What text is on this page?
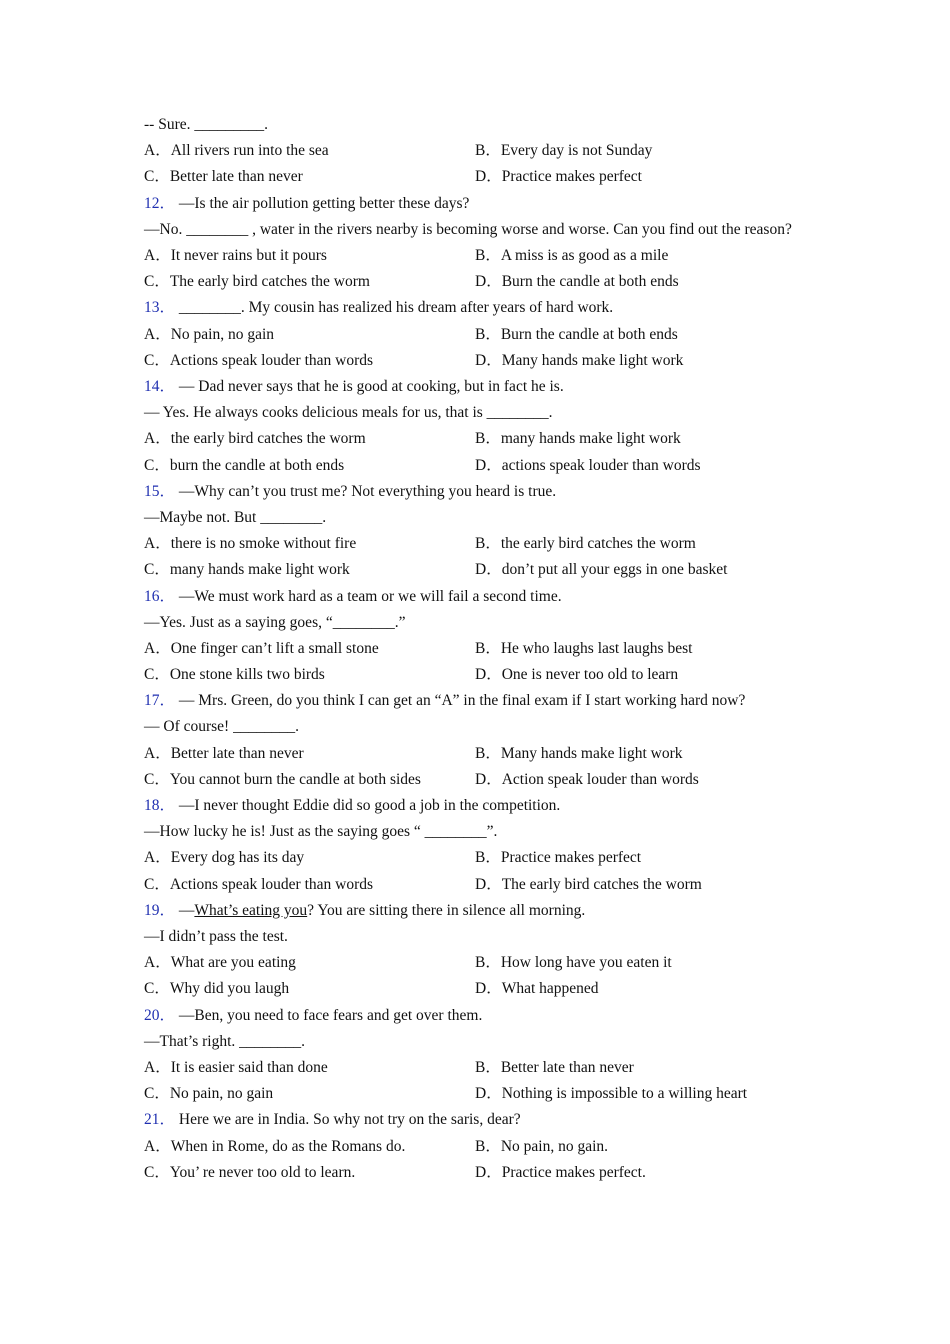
-- Sure. _________.
A．All rivers run into the sea	B．Every day is not Sunday
C．Better late than never	D．Practice makes perfect
12． —Is the air pollution getting better these days?
—No. ________ , water in the rivers nearby is becoming worse and worse. Can you find out the reason?
A．It never rains but it pours	B．A miss is as good as a mile
C．The early bird catches the worm	D．Burn the candle at both ends
13． ________. My cousin has realized his dream after years of hard work.
A．No pain, no gain	B．Burn the candle at both ends
C．Actions speak louder than words	D．Many hands make light work
14． — Dad never says that he is good at cooking, but in fact he is.
— Yes. He always cooks delicious meals for us, that is ________.
A．the early bird catches the worm	B．many hands make light work
C．burn the candle at both ends	D．actions speak louder than words
15． —Why can’t you trust me? Not everything you heard is true.
—Maybe not. But ________.
A．there is no smoke without fire	B．the early bird catches the worm
C．many hands make light work	D．don’t put all your eggs in one basket
16． —We must work hard as a team or we will fail a second time.
—Yes. Just as a saying goes, “________.”
A．One finger can’t lift a small stone	B．He who laughs last laughs best
C．One stone kills two birds	D．One is never too old to learn
17． — Mrs. Green, do you think I can get an “A” in the final exam if I start working hard now?
— Of course! ________.
A．Better late than never	B．Many hands make light work
C．You cannot burn the candle at both sides	D．Action speak louder than words
18． —I never thought Eddie did so good a job in the competition.
—How lucky he is! Just as the saying goes “ ________”.
A．Every dog has its day	B．Practice makes perfect
C．Actions speak louder than words	D．The early bird catches the worm
19． —What’s eating you? You are sitting there in silence all morning.
—I didn’t pass the test.
A．What are you eating	B．How long have you eaten it
C．Why did you laugh	D．What happened
20． —Ben, you need to face fears and get over them.
—That’s right. ________.
A．It is easier said than done	B．Better late than never
C．No pain, no gain	D．Nothing is impossible to a willing heart
21． Here we are in India. So why not try on the saris, dear?
A．When in Rome, do as the Romans do.	B．No pain, no gain.
C．You’ re never too old to learn.	D．Practice makes perfect.
